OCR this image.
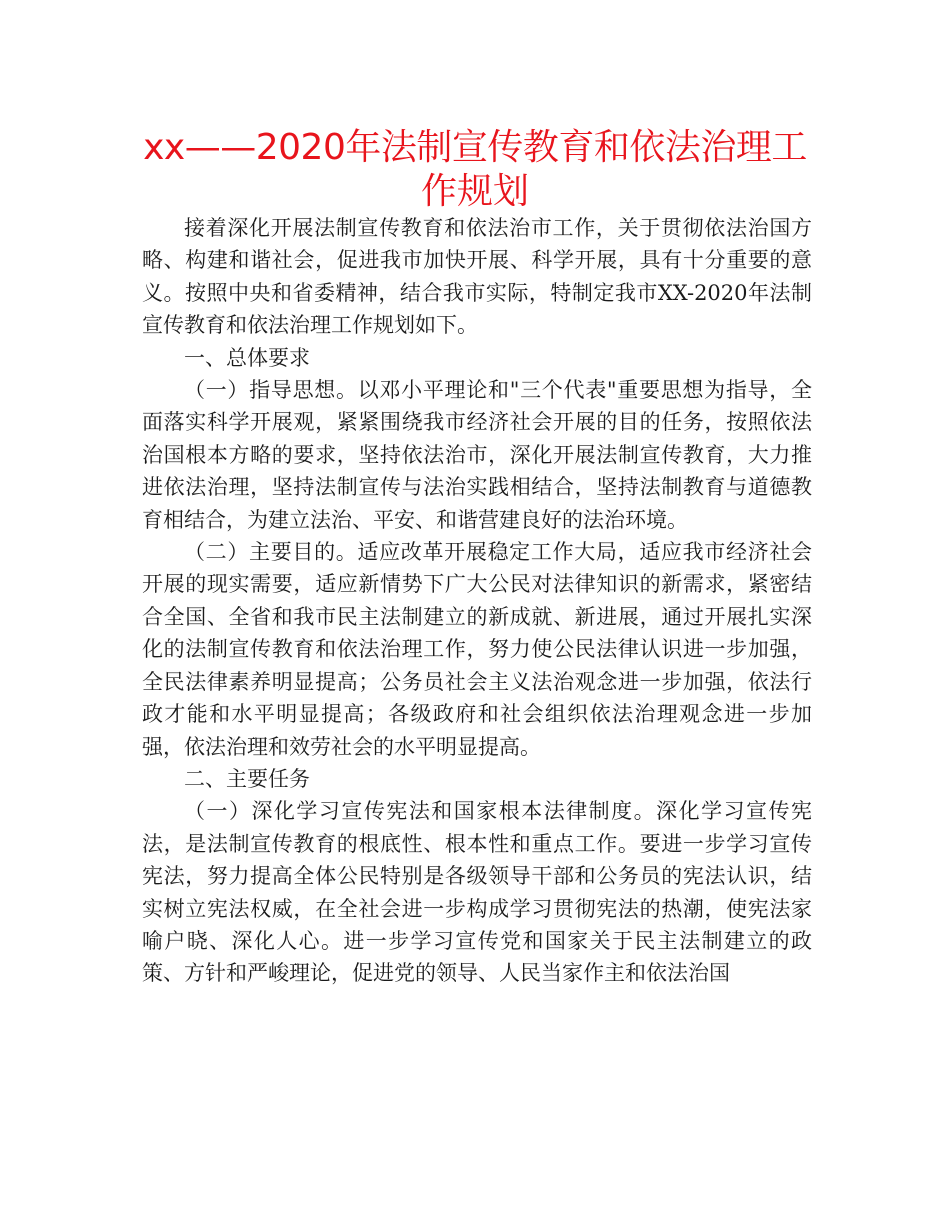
xx——2020年法制宣传教育和依法治理工
作规划

接着深化开展法制宣传教育和依法治市工作，关于贯彻依法治国方略、构建和谐社会，促进我市加快开展、科学开展，具有十分重要的意义。按照中央和省委精神，结合我市实际，特制定我市XX-2020年法制宣传教育和依法治理工作规划如下。

一、总体要求

（一）指导思想。以邓小平理论和"三个代表"重要思想为指导，全面落实科学开展观，紧紧围绕我市经济社会开展的目的任务，按照依法治国根本方略的要求，坚持依法治市，深化开展法制宣传教育，大力推进依法治理，坚持法制宣传与法治实践相结合，坚持法制教育与道德教育相结合，为建立法治、平安、和谐营建良好的法治环境。

（二）主要目的。适应改革开展稳定工作大局，适应我市经济社会开展的现实需要，适应新情势下广大公民对法律知识的新需求，紧密结合全国、全省和我市民主法制建立的新成就、新进展，通过开展扎实深化的法制宣传教育和依法治理工作，努力使公民法律认识进一步加强，全民法律素养明显提高；公务员社会主义法治观念进一步加强，依法行政才能和水平明显提高；各级政府和社会组织依法治理观念进一步加强，依法治理和效劳社会的水平明显提高。

二、主要任务

（一）深化学习宣传宪法和国家根本法律制度。深化学习宣传宪法，是法制宣传教育的根底性、根本性和重点工作。要进一步学习宣传宪法，努力提高全体公民特别是各级领导干部和公务员的宪法认识，结实树立宪法权威，在全社会进一步构成学习贯彻宪法的热潮，使宪法家喻户晓、深化人心。进一步学习宣传党和国家关于民主法制建立的政策、方针和严峻理论，促进党的领导、人民当家作主和依法治国
